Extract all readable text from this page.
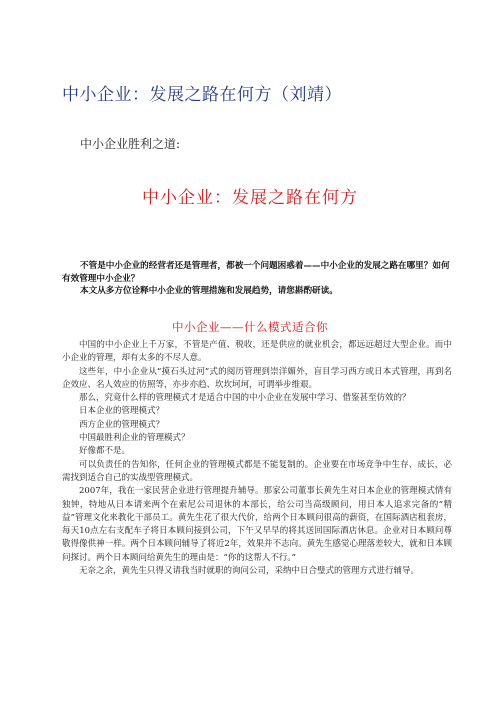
中小企业：发展之路在何方（刘靖）
中小企业胜利之道:
中小企业：发展之路在何方

不管是中小企业的经营者还是管理者，都被一个问题困惑着——中小企业的发展之路在哪里？如何有效管理中小企业？

本文从多方位诠释中小企业的管理措施和发展趋势，请您斟酌研读。

中小企业——什么模式适合你

中国的中小企业上千万家，不管是产值、税收，还是供应的就业机会，都远远超过大型企业。而中小企业的管理，却有太多的不尽人意。

这些年，中小企业从“摸石头过河”式的阅历管理到崇洋媚外，盲目学习西方或日本式管理，再到名企效应、名人效应的仿照等，亦步亦趋、坎坎坷坷，可谓举步维艰。

那么，究竟什么样的管理模式才是适合中国的中小企业在发展中学习、借鉴甚至仿效的？

日本企业的管理模式？

西方企业的管理模式？

中国最胜利企业的管理模式？

好像都不是。

可以负责任的告知你，任何企业的管理模式都是不能复制的。企业要在市场竞争中生存、成长，必需找到适合自己的实战型管理模式。

2007年，我在一家民营企业进行管理提升辅导。那家公司董事长黄先生对日本企业的管理模式情有独钟，特地从日本请来两个在索尼公司退休的本部长，给公司当高级顾问，用日本人追求完备的“精益”管理文化来教化干部员工。黄先生花了很大代价，给两个日本顾问很高的薪资，在国际酒店租套房，每天10点左右支配车子将日本顾问接到公司，下午又早早的将其送回国际酒店休息。企业对日本顾问尊敬得像供神一样。两个日本顾问辅导了将近2年，效果并不志向。黄先生感觉心理落差较大，就和日本顾问探讨。两个日本顾问给黄先生的理由是：“你的这帮人不行。”

无奈之余，黄先生只得又请我当时就职的询问公司，采纳中日合璧式的管理方式进行辅导。
